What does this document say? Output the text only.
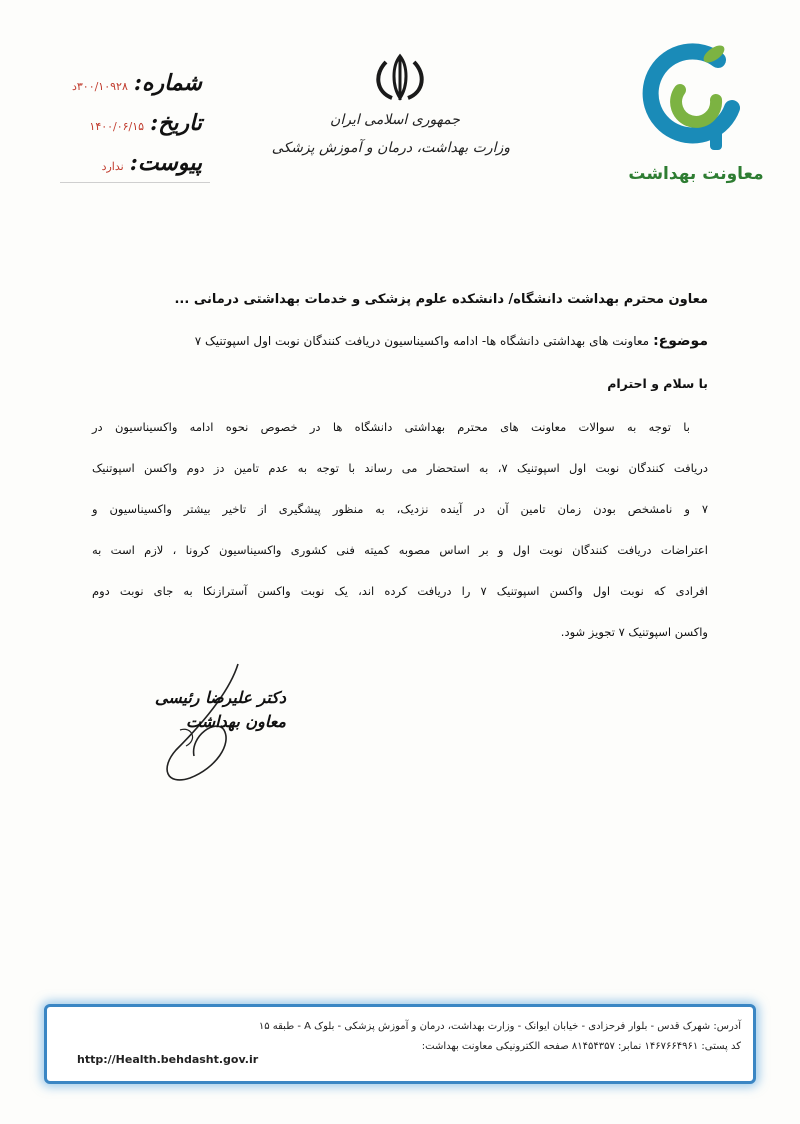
معاونت بهداشت
جمهوری اسلامی ایران
وزارت بهداشت، درمان و آموزش پزشکی
شماره:۳۰۰/۱۰۹۲۸د
تاریخ:۱۴۰۰/۰۶/۱۵
پیوست:ندارد
معاون محترم بهداشت دانشگاه/ دانشکده علوم پزشکی و خدمات بهداشتی درمانی ...
موضوع:معاونت های بهداشتی دانشگاه ها- ادامه واکسیناسیون دریافت کنندگان نوبت اول اسپوتنیک ۷
با سلام و احترام
با توجه به سوالات معاونت های محترم بهداشتی دانشگاه ها در خصوص نحوه ادامه واکسیناسیون در
دریافت کنندگان نوبت اول اسپوتنیک ۷، به استحضار می رساند با توجه به عدم تامین دز دوم واکسن اسپوتنیک
۷ و نامشخص بودن زمان تامین آن در آینده نزدیک، به منظور پیشگیری از تاخیر بیشتر واکسیناسیون و
اعتراضات دریافت کنندگان نوبت اول و بر اساس مصوبه کمیته فنی کشوری واکسیناسیون کرونا ، لازم است به
افرادی که نوبت اول واکسن اسپوتنیک ۷ را دریافت کرده اند، یک نوبت واکسن آسترازنکا به جای نوبت دوم
واکسن اسپوتنیک ۷ تجویز شود.
دکتر علیرضا رئیسی
معاون بهداشت
آدرس: شهرک قدس - بلوار فرحزادی - خیابان ایوانک - وزارت بهداشت، درمان و آموزش پزشکی - بلوک A - طبقه ۱۵
کد پستی: ۱۴۶۷۶۶۴۹۶۱ نمابر: ۸۱۴۵۴۳۵۷ صفحه الکترونیکی معاونت بهداشت:
http://Health.behdasht.gov.ir
